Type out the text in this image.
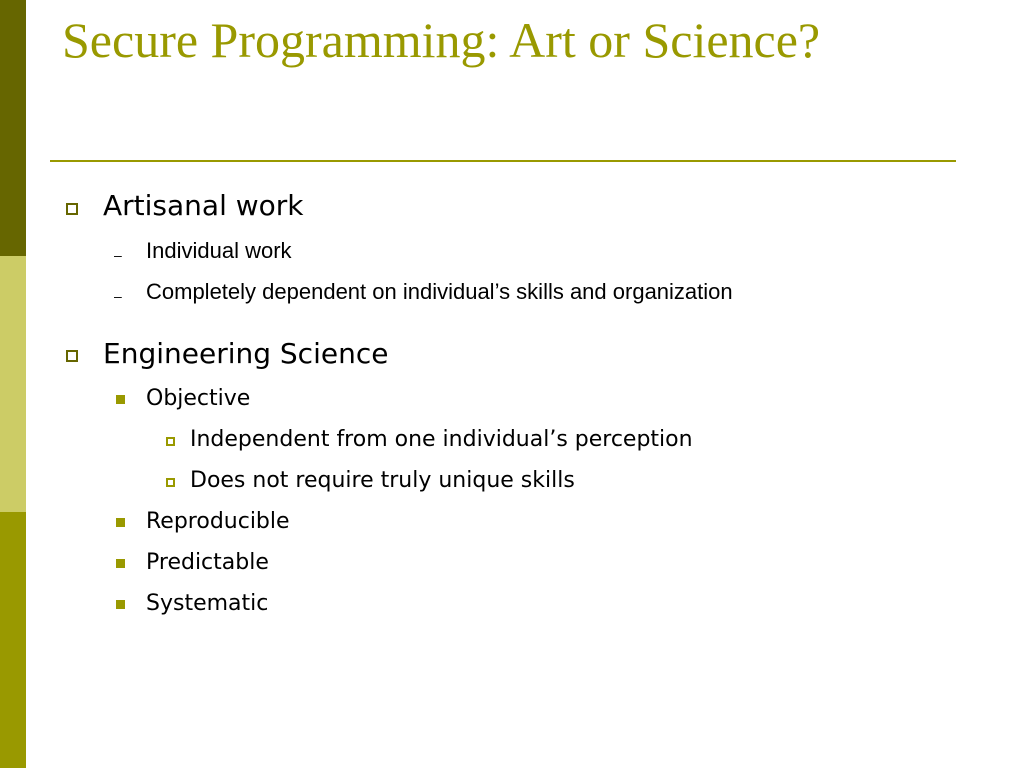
Secure Programming: Art or Science?
Artisanal work
– Individual work
– Completely dependent on individual’s skills and organization
Engineering Science
Objective
Independent from one individual’s perception
Does not require truly unique skills
Reproducible
Predictable
Systematic
